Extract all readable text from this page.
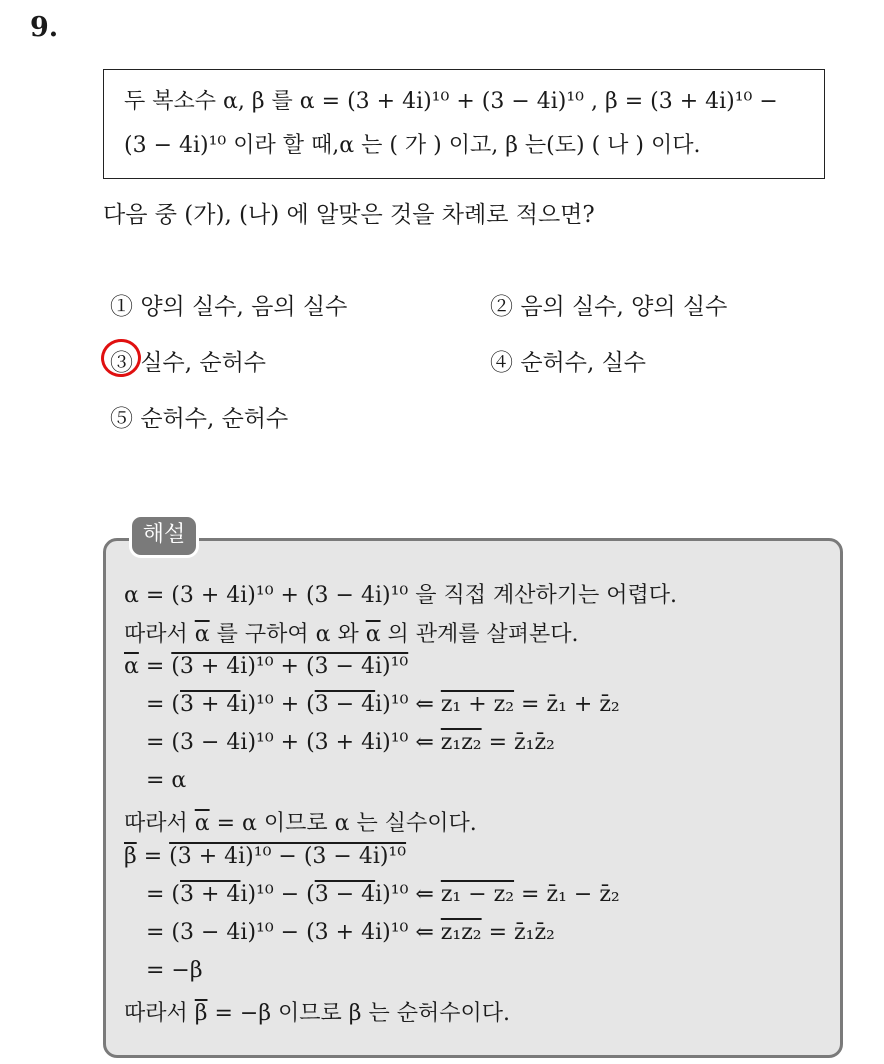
9.
두 복소수 α, β 를 α = (3 + 4i)¹⁰ + (3 − 4i)¹⁰ , β = (3 + 4i)¹⁰ −
(3 − 4i)¹⁰ 이라 할 때,α 는 ( 가 ) 이고, β 는(도) ( 나 ) 이다.
다음 중 (가), (나) 에 알맞은 것을 차례로 적으면?
① 양의 실수, 음의 실수	② 음의 실수, 양의 실수
③ 실수, 순허수	④ 순허수, 실수
⑤ 순허수, 순허수
해설
α = (3 + 4i)¹⁰ + (3 − 4i)¹⁰ 을 직접 계산하기는 어렵다.
따라서 $\overline{\alpha}$ 를 구하여 α 와 $\overline{\alpha}$ 의 관계를 살펴본다.
$\overline{\alpha} = (3 + 4i)^{10} + (3 - 4i)^{10}$
= (3 + 4i)¹⁰ + (3 − 4i)¹⁰ ⇐ z₁ + z₂ = z̄₁ + z̄₂
= (3 − 4i)¹⁰ + (3 + 4i)¹⁰ ⇐ z₁z₂ = z̄₁z̄₂
= α
따라서 $\overline{\alpha} = \alpha$ 이므로 α 는 실수이다.
$\overline{\beta} = (3 + 4i)^{10} - (3 - 4i)^{10}$
= (3 + 4i)¹⁰ − (3 − 4i)¹⁰ ⇐ z₁ − z₂ = z̄₁ − z̄₂
= (3 − 4i)¹⁰ − (3 + 4i)¹⁰ ⇐ z₁z₂ = z̄₁z̄₂
= −β
따라서 $\overline{\beta} = -\beta$ 이므로 β 는 순허수이다.
